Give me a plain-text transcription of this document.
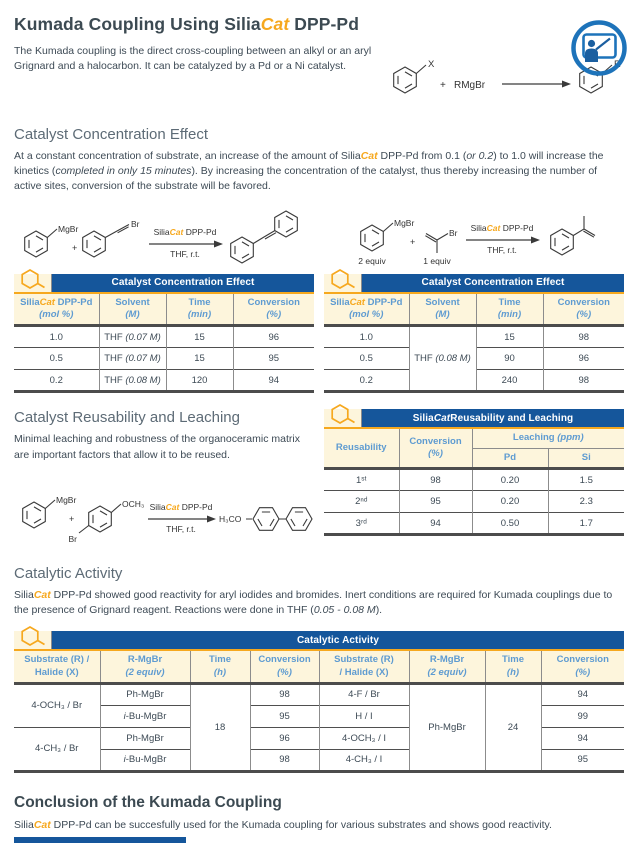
Kumada Coupling Using SiliaCat DPP-Pd

The Kumada coupling is the direct cross-coupling between an alkyl or an aryl Grignard and a halocarbon. It can be catalyzed by a Pd or a Ni catalyst.	X
+ RMgBr
R
Catalyst Concentration Effect

At a constant concentration of substrate, an increase of the amount of SiliaCat DPP-Pd from 0.1 (or 0.2) to 1.0 will increase the kinetics (completed in only 15 minutes). By increasing the concentration of the catalyst, thus thereby increasing the number of active sites, conversion of the substrate will be favored.

MgBr
+
Br
SiliaCat DPP-Pd
THF, r.t.
MgBr
2 equiv
+
Br
1 equiv
SiliaCat DPP-Pd
THF, r.t.
Catalyst Concentration Effect
SiliaCat DPP-Pd
(mol %)

Solvent
(M)

Time
(min)

Conversion
(%)

1.0	THF (0.07 M)	15	96
0.5	THF (0.07 M)	15	95
0.2	THF (0.08 M)	120	94
Catalyst Concentration Effect
SiliaCat DPP-Pd
(mol %)

Solvent
(M)

Time
(min)

Conversion
(%)

1.0	THF (0.08 M)	15	98
0.5		90	96
0.2		240	98
Catalyst Reusability and Leaching

Minimal leaching and robustness of the organoceramic matrix are important factors that allow it to be reused.

MgBr
+
OCH₃
Br
SiliaCat DPP-Pd
THF, r.t.
H₃CO
Silia Cat Reusability and Leaching
Reusability	Conversion
(%)	Leaching (ppm)	
		Pd	Si
1ˢᵗ	98	0.20	1.5
2ⁿᵈ	95	0.20	2.3
3ʳᵈ	94	0.50	1.7
Catalytic Activity

SiliaCat DPP-Pd showed good reactivity for aryl iodides and bromides. Inert conditions are required for Kumada couplings due to the presence of Grignard reagent. Reactions were done in THF (0.05 - 0.08 M).

Catalytic Activity
Substrate (R) /
Halide (X)

R-MgBr
(2 equiv)

Time
(h)

Conversion
(%)

Substrate (R)
/ Halide (X)

R-MgBr
(2 equiv)

Time
(h)

Conversion
(%)

4-OCH₃ / Br	Ph-MgBr	18	98	4-F / Br	Ph-MgBr	24	94
	i-Bu-MgBr		95	H / I			99
4-CH₃ / Br	Ph-MgBr		96	4-OCH₃ / I			94
	i-Bu-MgBr		98	4-CH₃ / I			95
Conclusion of the Kumada Coupling

SiliaCat DPP-Pd can be succesfully used for the Kumada coupling for various substrates and shows good reactivity.
